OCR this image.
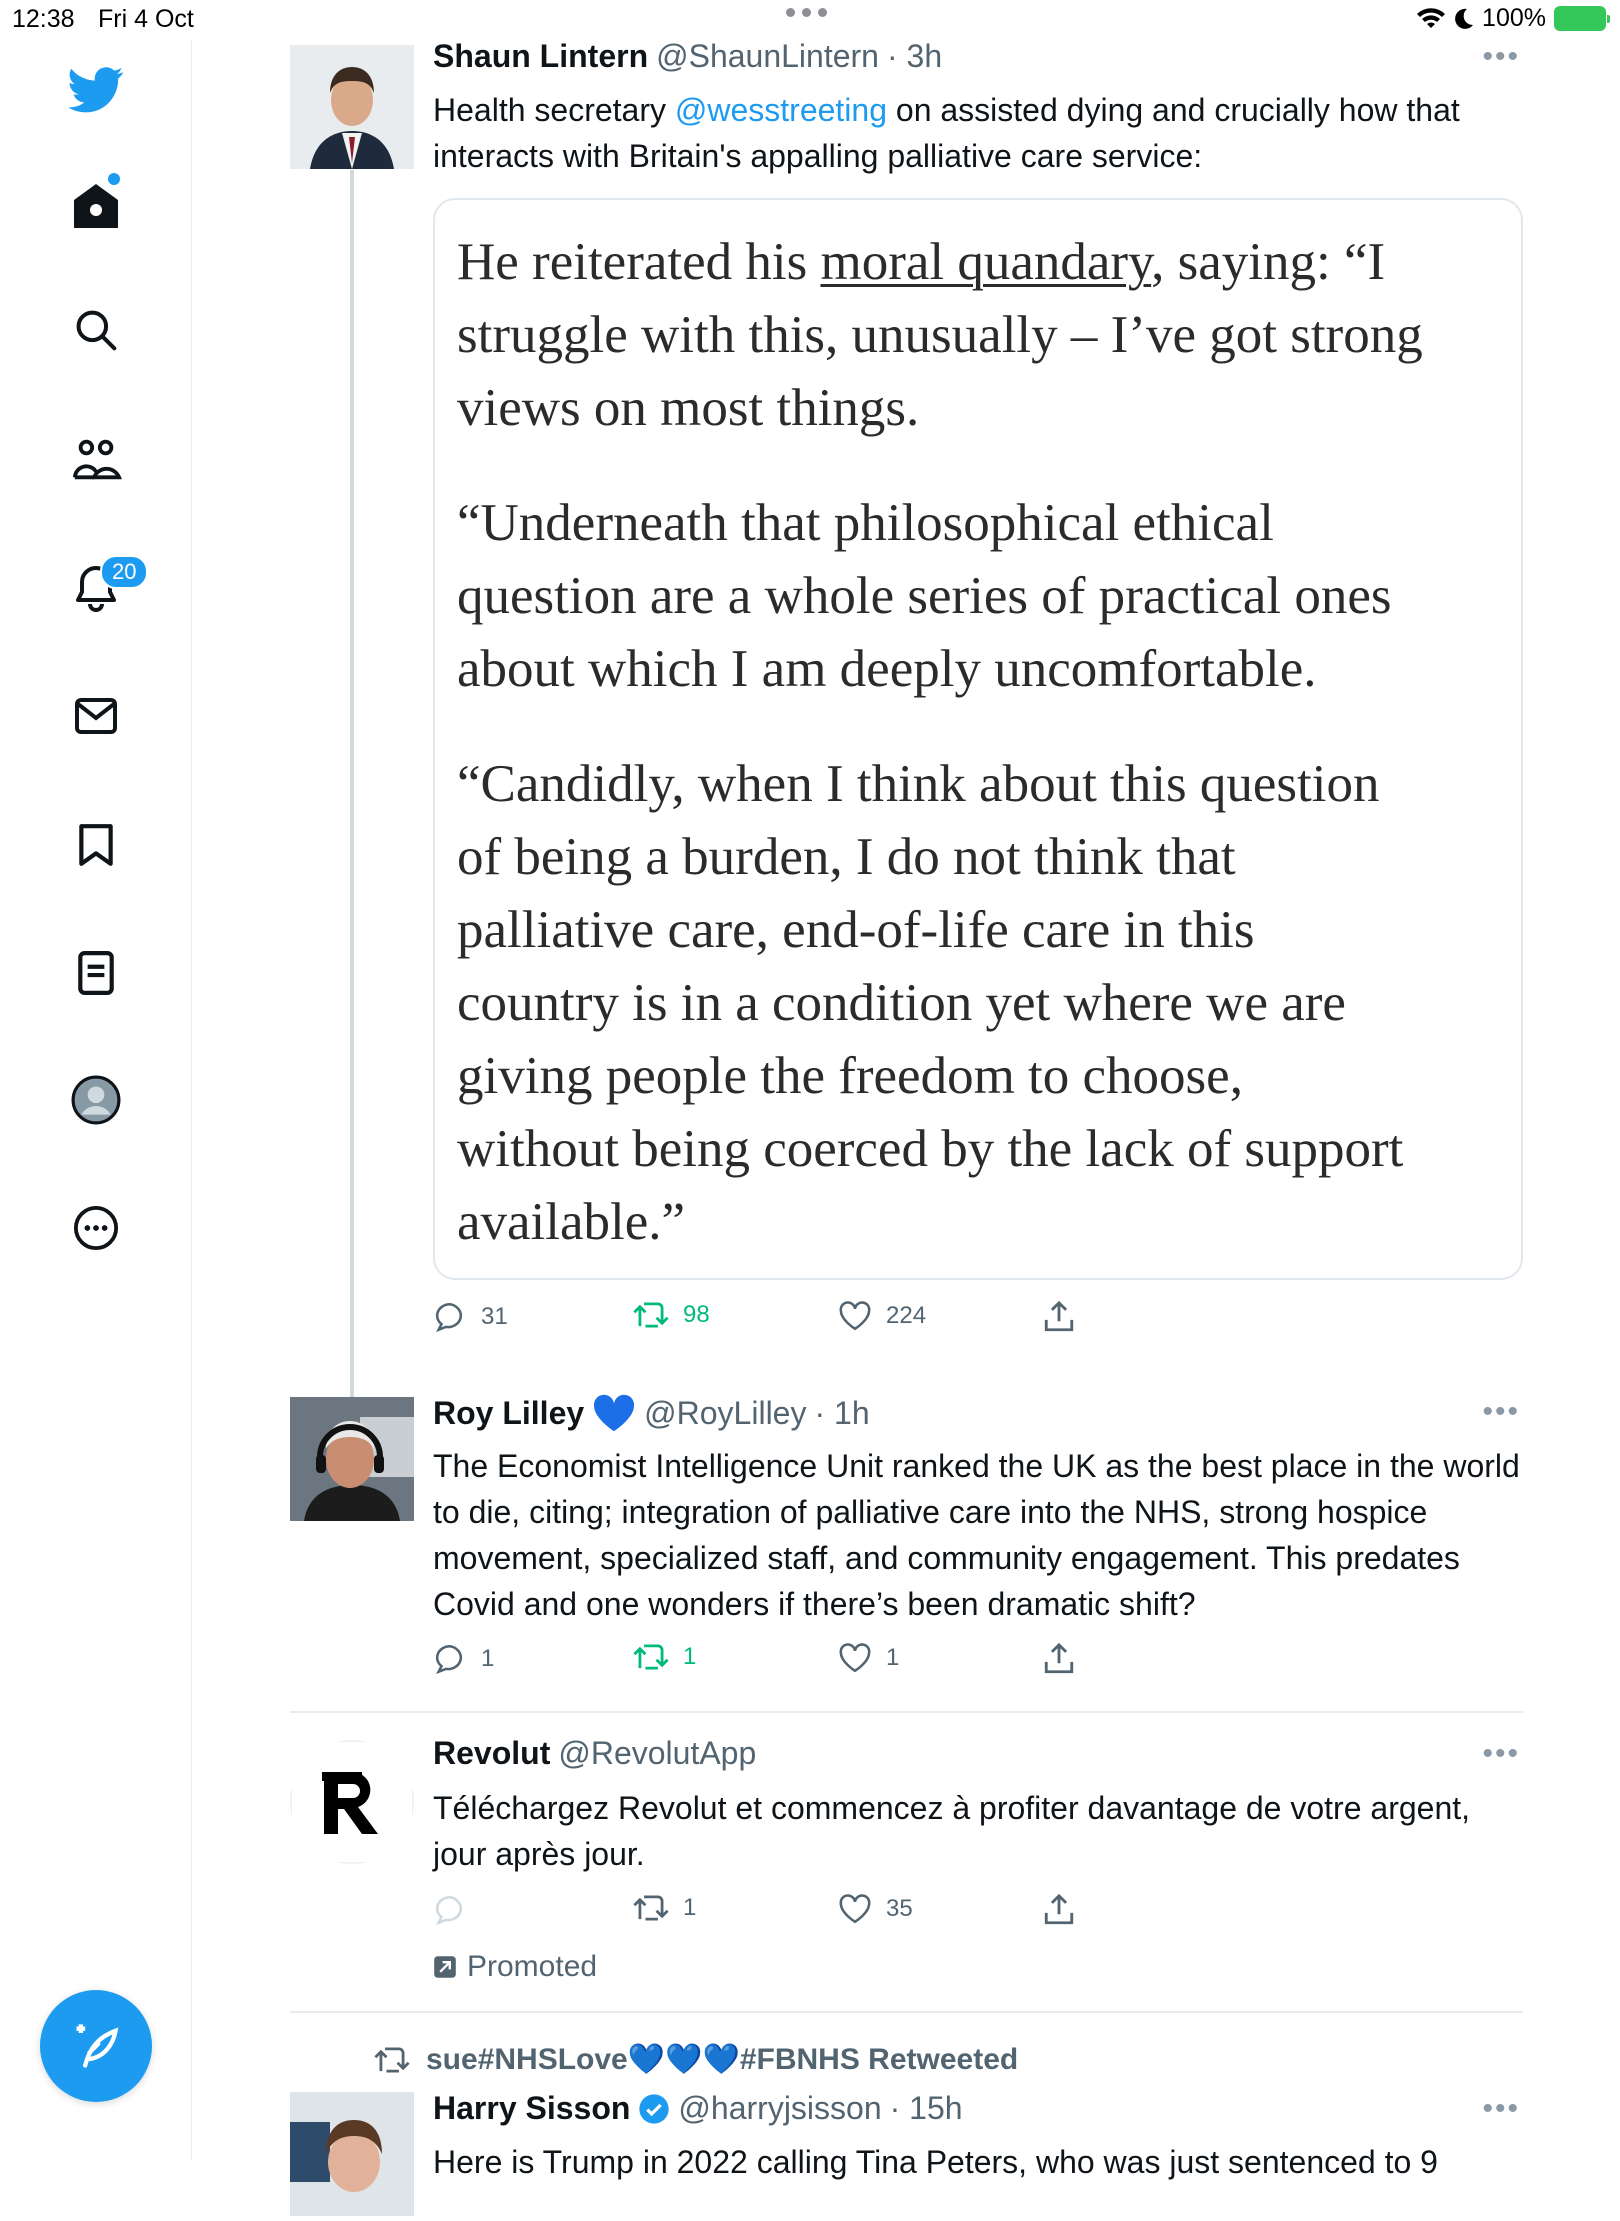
12:38 Fri 4 Oct	100%
20
Shaun Lintern @ShaunLintern · 3h	•••
Health secretary @wesstreeting on assisted dying and crucially how that interacts with Britain's appalling palliative care service:

He reiterated his moral quandary, saying: “I
struggle with this, unusually – I’ve got strong
views on most things.

“Underneath that philosophical ethical
question are a whole series of practical ones
about which I am deeply uncomfortable.

“Candidly, when I think about this question
of being a burden, I do not think that
palliative care, end-of-life care in this
country is in a condition yet where we are
giving people the freedom to choose,
without being coerced by the lack of support
available.”

31	98	224
Roy Lilley @RoyLilley · 1h	•••
The Economist Intelligence Unit ranked the UK as the best place in the world to die, citing; integration of palliative care into the NHS, strong hospice movement, specialized staff, and community engagement. This predates Covid and one wonders if there’s been dramatic shift?
1	1	1
Revolut @RevolutApp	•••
Téléchargez Revolut et commencez à profiter davantage de votre argent, jour après jour.
1	35
Promoted
sue#NHSLove💙💙💙#FBNHS Retweeted
Harry Sisson @harryjsisson · 15h	•••
Here is Trump in 2022 calling Tina Peters, who was just sentenced to 9
